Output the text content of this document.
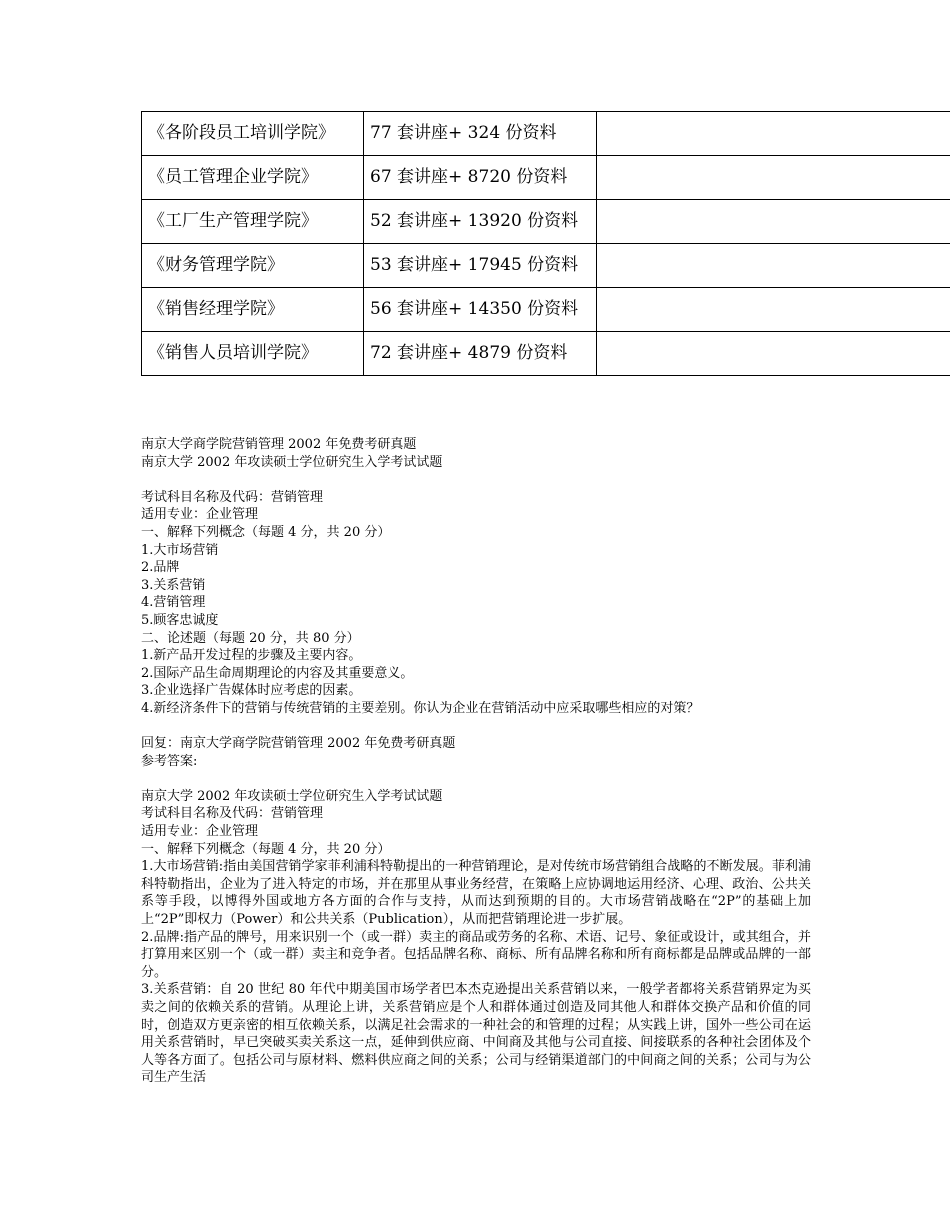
《各阶段员工培训学院》	77 套讲座+ 324 份资料	
《员工管理企业学院》	67 套讲座+ 8720 份资料	
《工厂生产管理学院》	52 套讲座+ 13920 份资料	
《财务管理学院》	53 套讲座+ 17945 份资料	
《销售经理学院》	56 套讲座+ 14350 份资料	
《销售人员培训学院》	72 套讲座+ 4879 份资料	

南京大学商学院营销管理 2002 年免费考研真题

南京大学 2002 年攻读硕士学位研究生入学考试试题

考试科目名称及代码：营销管理

适用专业：企业管理

一、解释下列概念（每题 4 分，共 20 分）

1.大市场营销

2.品牌

3.关系营销

4.营销管理

5.顾客忠诚度

二、论述题（每题 20 分，共 80 分）

1.新产品开发过程的步骤及主要内容。

2.国际产品生命周期理论的内容及其重要意义。

3.企业选择广告媒体时应考虑的因素。

4.新经济条件下的营销与传统营销的主要差别。你认为企业在营销活动中应采取哪些相应的对策？

回复：南京大学商学院营销管理 2002 年免费考研真题

参考答案:

南京大学 2002 年攻读硕士学位研究生入学考试试题

考试科目名称及代码：营销管理

适用专业：企业管理

一、解释下列概念（每题 4 分，共 20 分）

1.大市场营销:指由美国营销学家菲利浦科特勒提出的一种营销理论，是对传统市场营销组合战略的不断发展。菲利浦科特勒指出，企业为了进入特定的市场，并在那里从事业务经营，在策略上应协调地运用经济、心理、政治、公共关系等手段，以博得外国或地方各方面的合作与支持，从而达到预期的目的。大市场营销战略在“2P”的基础上加上“2P”即权力（Power）和公共关系（Publication），从而把营销理论进一步扩展。

2.品牌:指产品的牌号，用来识别一个（或一群）卖主的商品或劳务的名称、术语、记号、象征或设计，或其组合，并打算用来区别一个（或一群）卖主和竞争者。包括品牌名称、商标、所有品牌名称和所有商标都是品牌或品牌的一部分。

3.关系营销：自 20 世纪 80 年代中期美国市场学者巴本杰克逊提出关系营销以来，一般学者都将关系营销界定为买卖之间的依赖关系的营销。从理论上讲，关系营销应是个人和群体通过创造及同其他人和群体交换产品和价值的同时，创造双方更亲密的相互依赖关系，以满足社会需求的一种社会的和管理的过程；从实践上讲，国外一些公司在运用关系营销时，早已突破买卖关系这一点，延伸到供应商、中间商及其他与公司直接、间接联系的各种社会团体及个人等各方面了。包括公司与原材料、燃料供应商之间的关系；公司与经销渠道部门的中间商之间的关系；公司与为公司生产生活
